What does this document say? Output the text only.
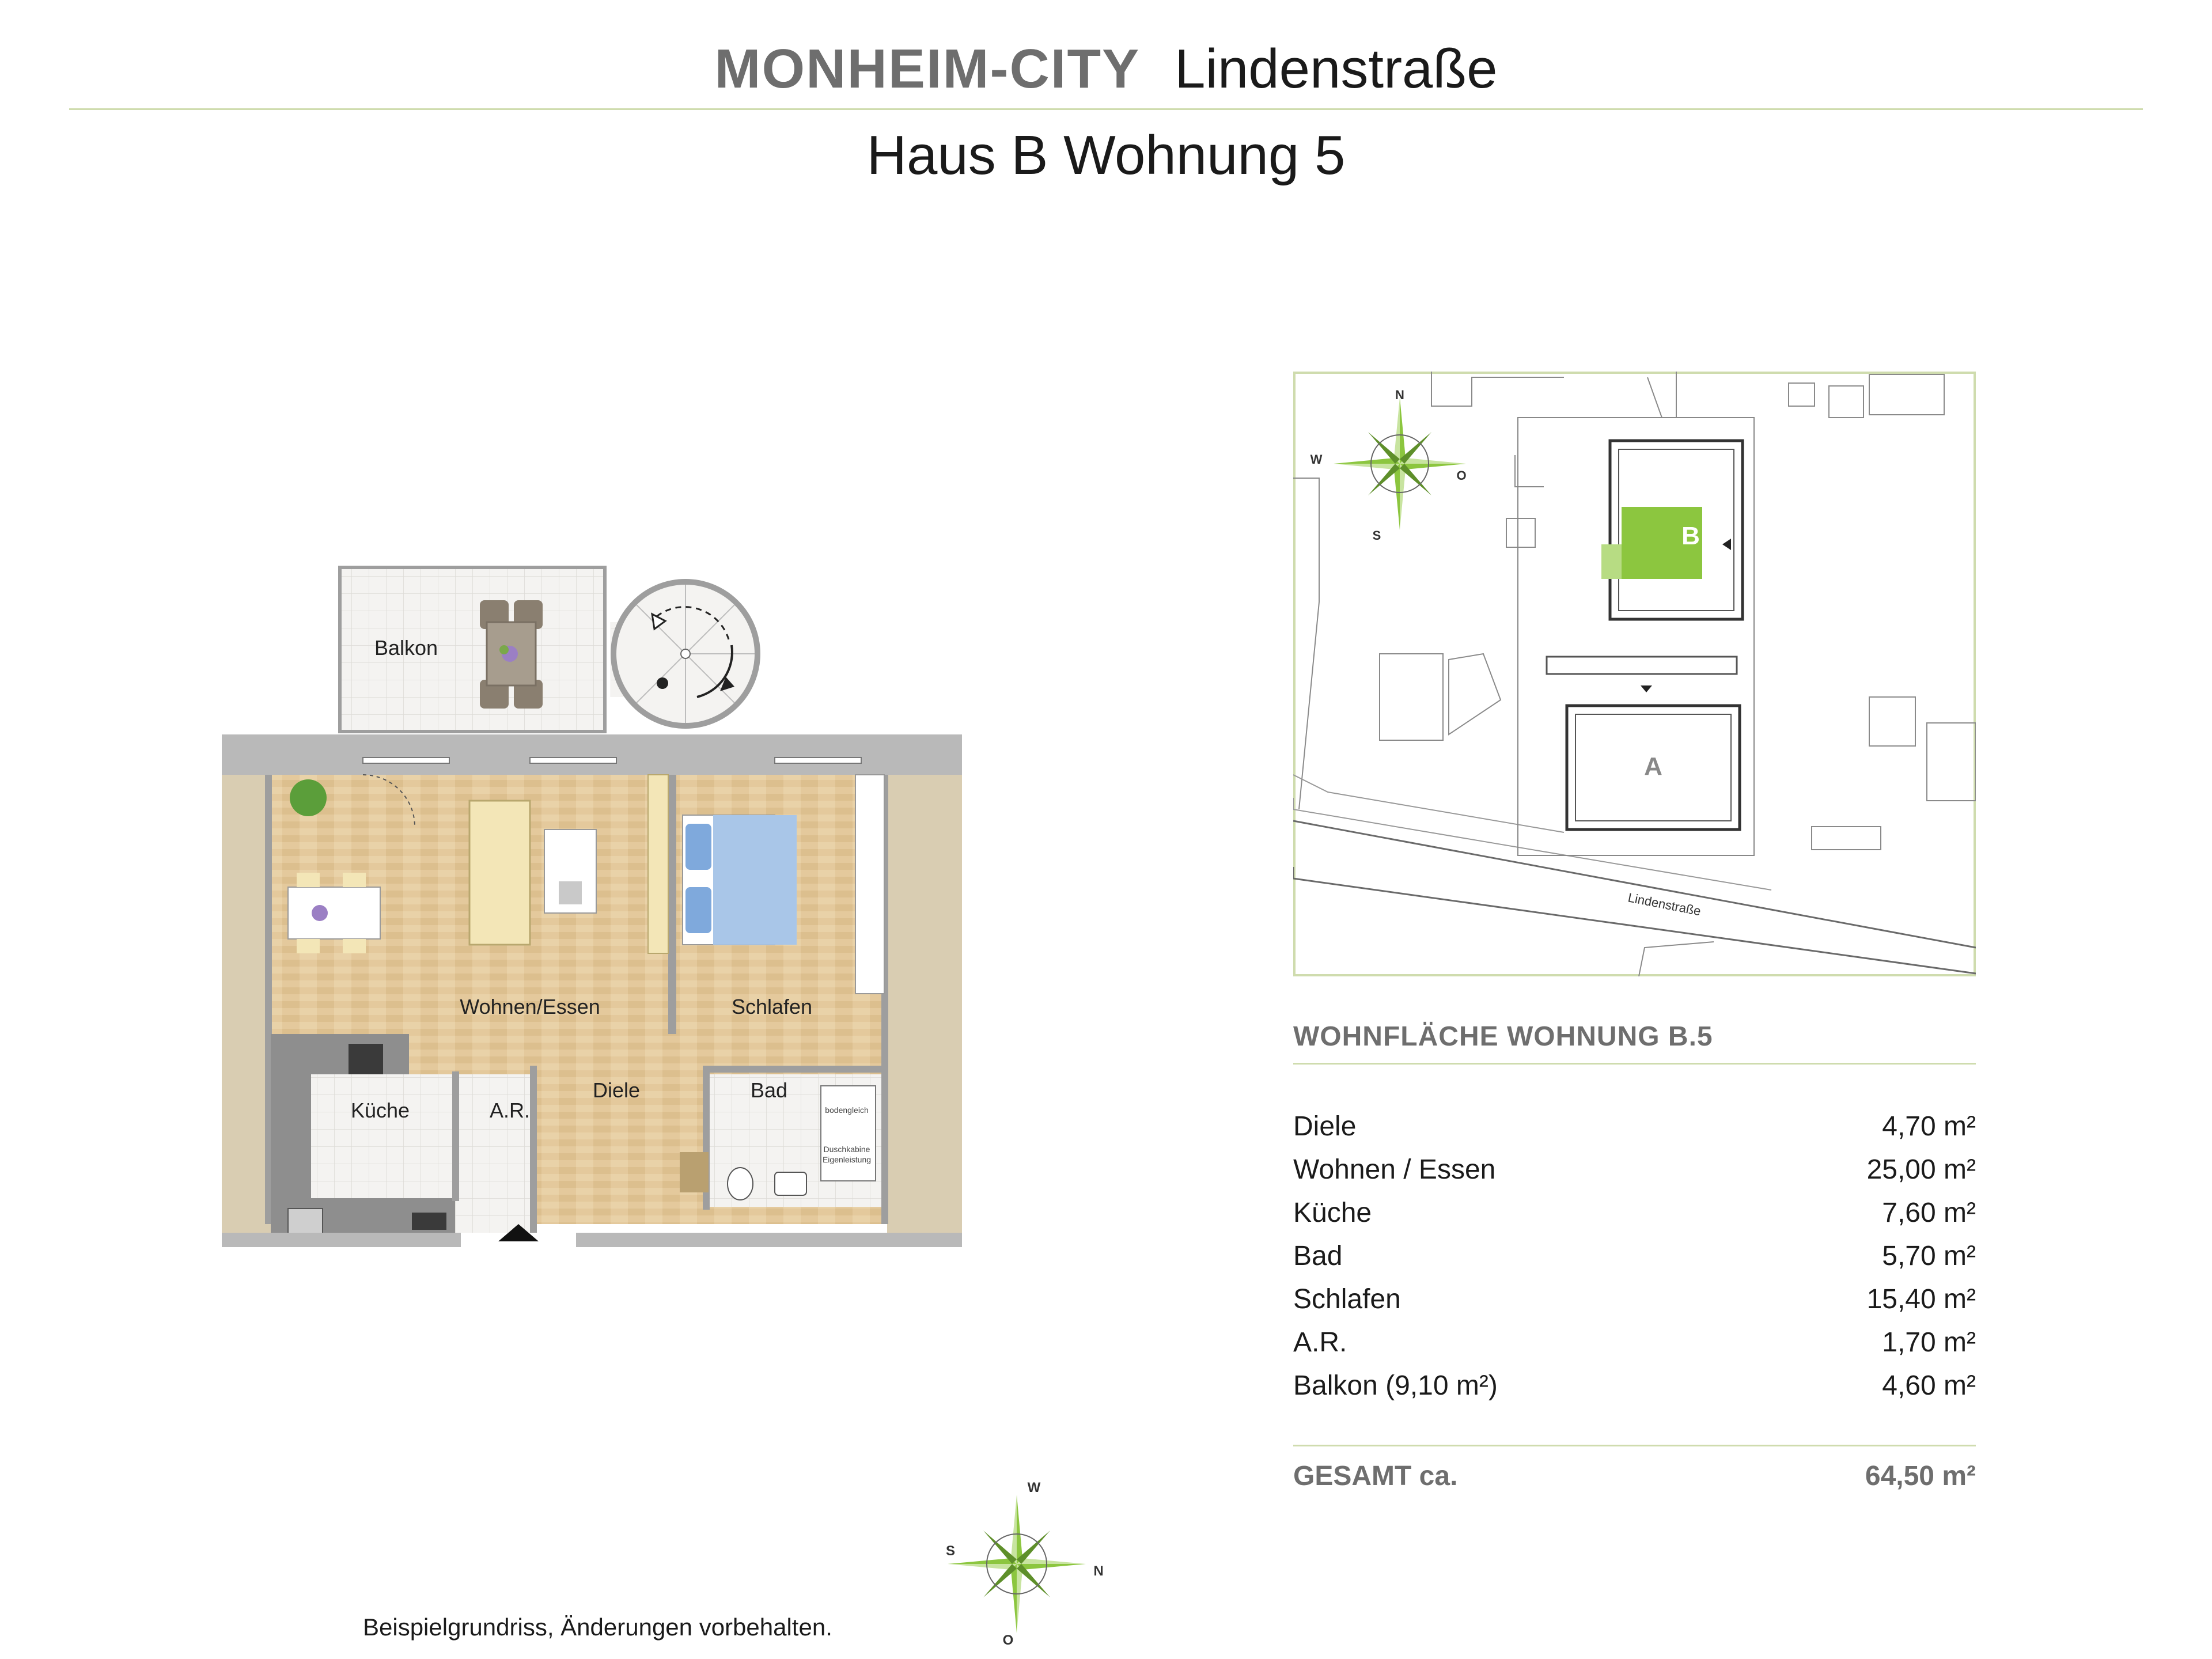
MONHEIM-CITY Lindenstraße
Haus B Wohnung 5
Balkon
Wohnen/Essen	Schlafen
Küche	A.R.
Diele	Bad
bodengleich
Duschkabine
Eigenleistung
Lindenstraße
B
A
N
W
O
S
WOHNFLÄCHE WOHNUNG B.5
Diele	4,70 m²
Wohnen / Essen	25,00 m²
Küche	7,60 m²
Bad	5,70 m²
Schlafen	15,40 m²
A.R.	1,70 m²
Balkon (9,10 m²)	4,60 m²
GESAMT ca.	64,50 m²
W
S
N
O
Beispielgrundriss, Änderungen vorbehalten.
